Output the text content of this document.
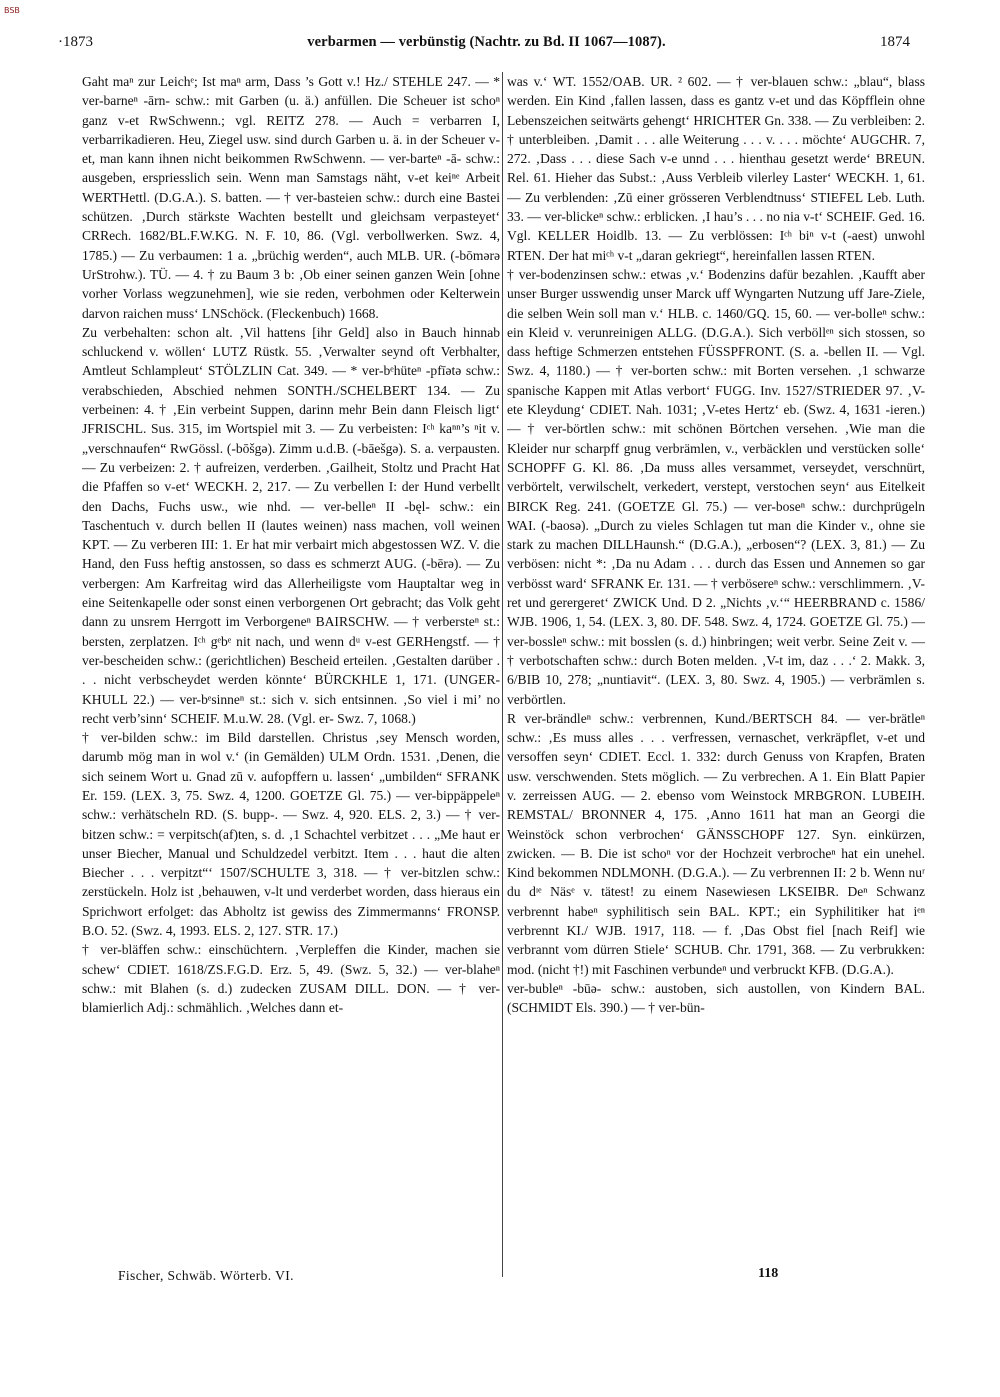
BSB
·1873	verbarmen — verbünstig (Nachtr. zu Bd. II 1067—1087).	1874

Gaht maⁿ zur Leichᵉ; Ist maⁿ arm, Dass ’s Gott v.! Hz./ STEHLE 247. — * ver-barneⁿ -ārn- schw.: mit Garben (u. ä.) anfüllen. Die Scheuer ist schoⁿ ganz v-et RwSchwenn.; vgl. REITZ 278. — Auch = verbarren I, verbarrikadieren. Heu, Ziegel usw. sind durch Garben u. ä. in der Scheuer v-et, man kann ihnen nicht beikommen RwSchwenn. — ver-barteⁿ -ā- schw.: ausgeben, erspriesslich sein. Wenn man Samstags näht, v-et keiⁿᵉ Arbeit WERTHettl. (D.G.A.). S. batten. — † ver-basteien schw.: durch eine Bastei schützen. ‚Durch stärkste Wachten bestellt und gleichsam verpasteyet‘ CRRech. 1682/BL.F.W.KG. N. F. 10, 86. (Vgl. verbollwerken. Swz. 4, 1785.) — Zu verbaumen: 1 a. „brüchig werden“, auch MLB. UR. (-bōmərə UrStrohw.). TÜ. — 4. † zu Baum 3 b: ‚Ob einer seinen ganzen Wein [ohne vorher Vorlass wegzunehmen], wie sie reden, verbohmen oder Kelterwein darvon raichen muss‘ LNSchöck. (Fleckenbuch) 1668.

Zu verbehalten: schon alt. ‚Vil hattens [ihr Geld] also in Bauch hinnab schluckend v. wöllen‘ LUTZ Rüstk. 55. ‚Verwalter seynd oft Verbhalter, Amtleut Schlampleut‘ STÖLZLIN Cat. 349. — * ver-bᵉhüteⁿ -pfīətə schw.: verabschieden, Abschied nehmen SONTH./SCHELBERT 134. — Zu verbeinen: 4. † ‚Ein verbeint Suppen, darinn mehr Bein dann Fleisch ligt‘ JFRISCHL. Sus. 315, im Wortspiel mit 3. — Zu verbeisten: Iᶜʰ kaⁿⁿ’s ⁿit v. „verschnaufen“ RwGössl. (-bōšgə). Zimm u.d.B. (-bāešgə). S. a. verpausten. — Zu verbeizen: 2. † aufreizen, verderben. ‚Gailheit, Stoltz und Pracht Hat die Pfaffen so v-et‘ WECKH. 2, 217. — Zu verbellen I: der Hund verbellt den Dachs, Fuchs usw., wie nhd. — ver-belleⁿ II -bęl- schw.: ein Taschentuch v. durch bellen II (lautes weinen) nass machen, voll weinen KPT. — Zu verberen III: 1. Er hat mir verbairt mich abgestossen WZ. V. die Hand, den Fuss heftig anstossen, so dass es schmerzt AUG. (-bērə). — Zu verbergen: Am Karfreitag wird das Allerheiligste vom Hauptaltar weg in eine Seitenkapelle oder sonst einen verborgenen Ort gebracht; das Volk geht dann zu unsrem Herrgott im Verborgeneⁿ BAIRSCHW. — † verbersteⁿ st.: bersten, zerplatzen. Iᶜʰ gᵉbᵉ nit nach, und wenn dᵘ v-est GERHengstf. — † ver-bescheiden schw.: (gerichtlichen) Bescheid erteilen. ‚Gestalten darüber . . . nicht verbscheydet werden könnte‘ BÜRCKHLE 1, 171. (UNGER-KHULL 22.) — ver-bᵉsinneⁿ st.: sich v. sich entsinnen. ‚So viel i mi’ no recht verb’sinn‘ SCHEIF. M.u.W. 28. (Vgl. er- Swz. 7, 1068.)

† ver-bilden schw.: im Bild darstellen. Christus ‚sey Mensch worden, darumb mög man in wol v.‘ (in Gemälden) ULM Ordn. 1531. ‚Denen, die sich seinem Wort u. Gnad zū v. aufopffern u. lassen‘ „umbilden“ SFRANK Er. 159. (LEX. 3, 75. Swz. 4, 1200. GOETZE Gl. 75.) — ver-bippäppeleⁿ schw.: verhätscheln RD. (S. bupp-. — Swz. 4, 920. ELS. 2, 3.) — † ver-bitzen schw.: = verpitsch(af)ten, s. d. ‚1 Schachtel verbitzet . . . „Me haut er unser Biecher, Manual und Schuldzedel verbitzt. Item . . . haut die alten Biecher . . . verpitzt“‘ 1507/SCHULTE 3, 318. — † ver-bitzlen schw.: zerstückeln. Holz ist ‚behauwen, v-lt und verderbet worden, dass hieraus ein Sprichwort erfolget: das Abholtz ist gewiss des Zimmermanns‘ FRONSP. B.O. 52. (Swz. 4, 1993. ELS. 2, 127. STR. 17.)

† ver-bläffen schw.: einschüchtern. ‚Verpleffen die Kinder, machen sie schew‘ CDIET. 1618/ZS.F.G.D. Erz. 5, 49. (Swz. 5, 32.) — ver-blaheⁿ schw.: mit Blahen (s. d.) zudecken ZUSAM DILL. DON. — † ver-blamierlich Adj.: schmählich. ‚Welches dann et-

was v.‘ WT. 1552/OAB. UR. ² 602. — † ver-blauen schw.: „blau“, blass werden. Ein Kind ‚fallen lassen, dass es gantz v-et und das Köpfflein ohne Lebenszeichen seitwärts gehengt‘ HRICHTER Gn. 338. — Zu verbleiben: 2. † unterbleiben. ‚Damit . . . alle Weiterung . . . v. . . . möchte‘ AUGCHR. 7, 272. ‚Dass . . . diese Sach v-e unnd . . . hienthau gesetzt werde‘ BREUN. Rel. 61. Hieher das Subst.: ‚Auss Verbleib vilerley Laster‘ WECKH. 1, 61. — Zu verblenden: ‚Zū einer grösseren Verblendtnuss‘ STIEFEL Leb. Luth. 33. — ver-blickeⁿ schw.: erblicken. ‚I hau’s . . . no nia v-t‘ SCHEIF. Ged. 16. Vgl. KELLER Hoidlb. 13. — Zu verblössen: Iᶜʰ biⁿ v-t (-aest) unwohl RTEN. Der hat miᶜʰ v-t „daran gekriegt“, hereinfallen lassen RTEN.

† ver-bodenzinsen schw.: etwas ‚v.‘ Bodenzins dafür bezahlen. ‚Kaufft aber unser Burger usswendig unser Marck uff Wyngarten Nutzung uff Jare-Ziele, die selben Wein soll man v.‘ HLB. c. 1460/GQ. 15, 60. — ver-bolleⁿ schw.: ein Kleid v. verunreinigen ALLG. (D.G.A.). Sich verböllᵉⁿ sich stossen, so dass heftige Schmerzen entstehen FÜSSPFRONT. (S. a. -bellen II. — Vgl. Swz. 4, 1180.) — † ver-borten schw.: mit Borten versehen. ‚1 schwarze spanische Kappen mit Atlas verbort‘ FUGG. Inv. 1527/STRIEDER 97. ‚V-ete Kleydung‘ CDIET. Nah. 1031; ‚V-etes Hertz‘ eb. (Swz. 4, 1631 -ieren.) — † ver-börtlen schw.: mit schönen Börtchen versehen. ‚Wie man die Kleider nur scharpff gnug verbrämlen, v., verbäcklen und verstücken solle‘ SCHOPFF G. Kl. 86. ‚Da muss alles versammet, verseydet, verschnürt, verbörtelt, verwilschelt, verkedert, verstept, verstochen seyn‘ aus Eitelkeit BIRCK Reg. 241. (GOETZE Gl. 75.) — ver-boseⁿ schw.: durchprügeln WAI. (-baosə). „Durch zu vieles Schlagen tut man die Kinder v., ohne sie stark zu machen DILLHaunsh.“ (D.G.A.), „erbosen“? (LEX. 3, 81.) — Zu verbösen: nicht *: ‚Da nu Adam . . . durch das Essen und Annemen so gar verbösst ward‘ SFRANK Er. 131. — † verbösereⁿ schw.: verschlimmern. ‚V-ret und gerergeret‘ ZWICK Und. D 2. „Nichts ‚v.‘“ HEERBRAND c. 1586/ WJB. 1906, 1, 54. (LEX. 3, 80. DF. 548. Swz. 4, 1724. GOETZE Gl. 75.) — ver-bossleⁿ schw.: mit bosslen (s. d.) hinbringen; weit verbr. Seine Zeit v. — † verbotschaften schw.: durch Boten melden. ‚V-t im, daz . . .‘ 2. Makk. 3, 6/BIB 10, 278; „nuntiavit“. (LEX. 3, 80. Swz. 4, 1905.) — verbrämlen s. verbörtlen.

R ver-brändleⁿ schw.: verbrennen, Kund./BERTSCH 84. — ver-brätleⁿ schw.: ‚Es muss alles . . . verfressen, vernaschet, verkräpflet, v-et und versoffen seyn‘ CDIET. Eccl. 1. 332: durch Genuss von Krapfen, Braten usw. verschwenden. Stets möglich. — Zu verbrechen. A 1. Ein Blatt Papier v. zerreissen AUG. — 2. ebenso vom Weinstock MRBGRON. LUBEIH. REMSTAL/ BRONNER 4, 175. ‚Anno 1611 hat man an Georgi die Weinstöck schon verbrochen‘ GÄNSSCHOPF 127. Syn. einkürzen, zwicken. — B. Die ist schoⁿ vor der Hochzeit verbrocheⁿ hat ein unehel. Kind bekommen NDLMONH. (D.G.A.). — Zu verbrennen II: 2 b. Wenn nuʳ du dᶦᵉ Näsᵉ v. tätest! zu einem Nasewiesen LKSEIBR. Deⁿ Schwanz verbrennt habeⁿ syphilitisch sein BAL. KPT.; ein Syphilitiker hat iᵉⁿ verbrennt KI./ WJB. 1917, 118. — f. ‚Das Obst fiel [nach Reif] wie verbrannt vom dürren Stiele‘ SCHUB. Chr. 1791, 368. — Zu verbrukken: mod. (nicht †!) mit Faschinen verbundeⁿ und verbruckt KFB. (D.G.A.).

ver-bubleⁿ -būə- schw.: austoben, sich austollen, von Kindern BAL. (SCHMIDT Els. 390.) — † ver-bün-

Fischer, Schwäb. Wörterb. VI.	118
